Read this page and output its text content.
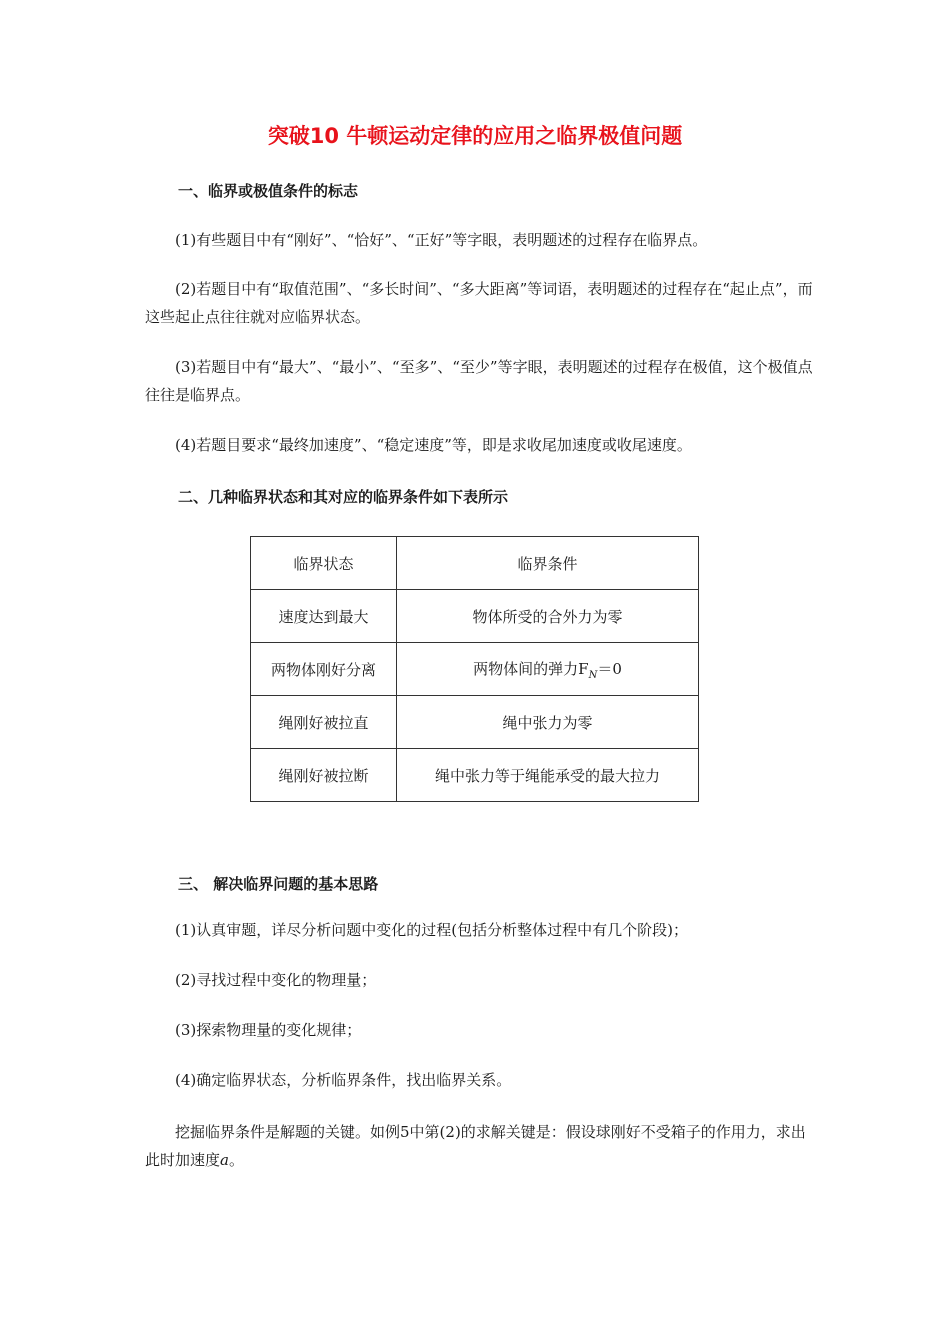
突破10 牛顿运动定律的应用之临界极值问题
一、临界或极值条件的标志

(1)有些题目中有“刚好”、“恰好”、“正好”等字眼，表明题述的过程存在临界点。

(2)若题目中有“取值范围”、“多长时间”、“多大距离”等词语，表明题述的过程存在“起止点”，而这些起止点往往就对应临界状态。

(3)若题目中有“最大”、“最小”、“至多”、“至少”等字眼，表明题述的过程存在极值，这个极值点往往是临界点。

(4)若题目要求“最终加速度”、“稳定速度”等，即是求收尾加速度或收尾速度。

二、几种临界状态和其对应的临界条件如下表所示
临界状态	临界条件
速度达到最大	物体所受的合外力为零
两物体刚好分离	两物体间的弹力$F_N=0$
绳刚好被拉直	绳中张力为零
绳刚好被拉断	绳中张力等于绳能承受的最大拉力
三、 解决临界问题的基本思路

(1)认真审题，详尽分析问题中变化的过程(包括分析整体过程中有几个阶段)；

(2)寻找过程中变化的物理量；

(3)探索物理量的变化规律；

(4)确定临界状态，分析临界条件，找出临界关系。

挖掘临界条件是解题的关键。如例5中第(2)的求解关键是：假设球刚好不受箱子的作用力，求出此时加速度a。
